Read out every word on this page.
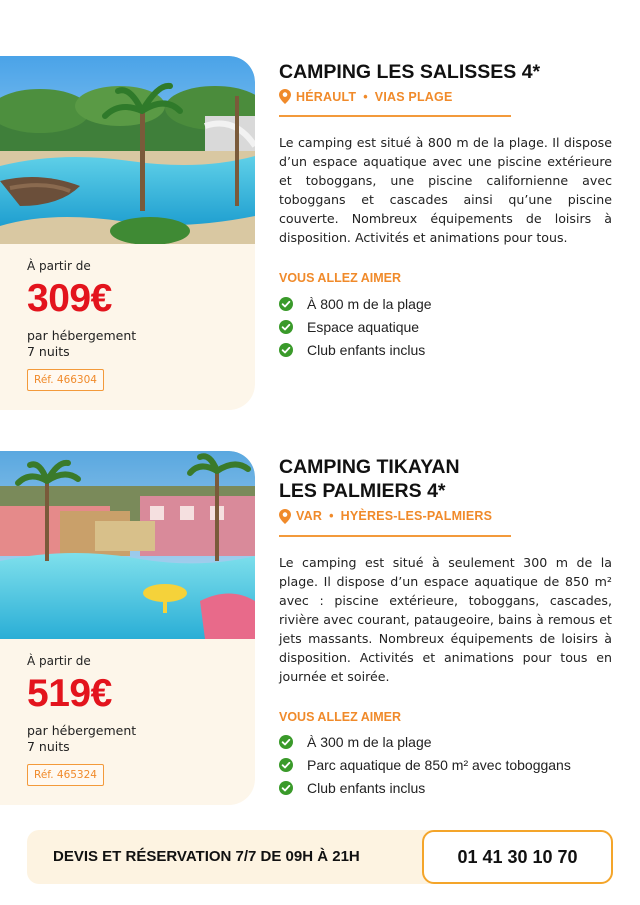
À partir de
309€
par hébergement
7 nuits
Réf. 466304
CAMPING LES SALISSES 4*
HÉRAULT • VIAS PLAGE

Le camping est situé à 800 m de la plage. Il dispose d’un espace aquatique avec une piscine extérieure et toboggans, une piscine californienne avec toboggans et cascades ainsi qu’une piscine couverte. Nombreux équipements de loisirs à disposition. Activités et animations pour tous.

VOUS ALLEZ AIMER
À 800 m de la plage
Espace aquatique
Club enfants inclus
À partir de
519€
par hébergement
7 nuits
Réf. 465324
CAMPING TIKAYAN
LES PALMIERS 4*
VAR • HYÈRES-LES-PALMIERS

Le camping est situé à seulement 300 m de la plage. Il dispose d’un espace aquatique de 850 m² avec : piscine extérieure, toboggans, cascades, rivière avec courant, pataugeoire, bains à remous et jets massants. Nombreux équipements de loisirs à disposition. Activités et animations pour tous en journée et soirée.

VOUS ALLEZ AIMER
À 300 m de la plage
Parc aquatique de 850 m² avec toboggans
Club enfants inclus
DEVIS ET RÉSERVATION 7/7 DE 09H À 21H	01 41 30 10 70
